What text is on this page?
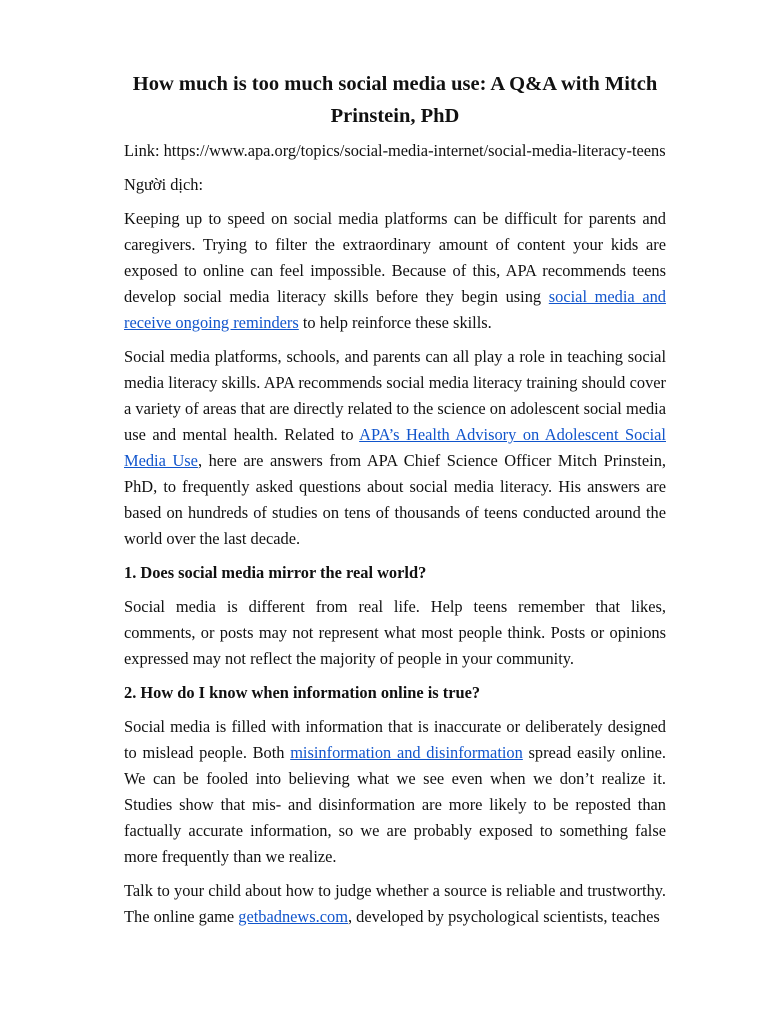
How much is too much social media use: A Q&A with Mitch Prinstein, PhD

Link: https://www.apa.org/topics/social-media-internet/social-media-literacy-teens

Người dịch:

Keeping up to speed on social media platforms can be difficult for parents and caregivers. Trying to filter the extraordinary amount of content your kids are exposed to online can feel impossible. Because of this, APA recommends teens develop social media literacy skills before they begin using social media and receive ongoing reminders to help reinforce these skills.

Social media platforms, schools, and parents can all play a role in teaching social media literacy skills. APA recommends social media literacy training should cover a variety of areas that are directly related to the science on adolescent social media use and mental health. Related to APA’s Health Advisory on Adolescent Social Media Use, here are answers from APA Chief Science Officer Mitch Prinstein, PhD, to frequently asked questions about social media literacy. His answers are based on hundreds of studies on tens of thousands of teens conducted around the world over the last decade.

1. Does social media mirror the real world?

Social media is different from real life. Help teens remember that likes, comments, or posts may not represent what most people think. Posts or opinions expressed may not reflect the majority of people in your community.

2. How do I know when information online is true?

Social media is filled with information that is inaccurate or deliberately designed to mislead people. Both misinformation and disinformation spread easily online. We can be fooled into believing what we see even when we don’t realize it. Studies show that mis- and disinformation are more likely to be reposted than factually accurate information, so we are probably exposed to something false more frequently than we realize.

Talk to your child about how to judge whether a source is reliable and trustworthy. The online game getbadnews.com, developed by psychological scientists, teaches
